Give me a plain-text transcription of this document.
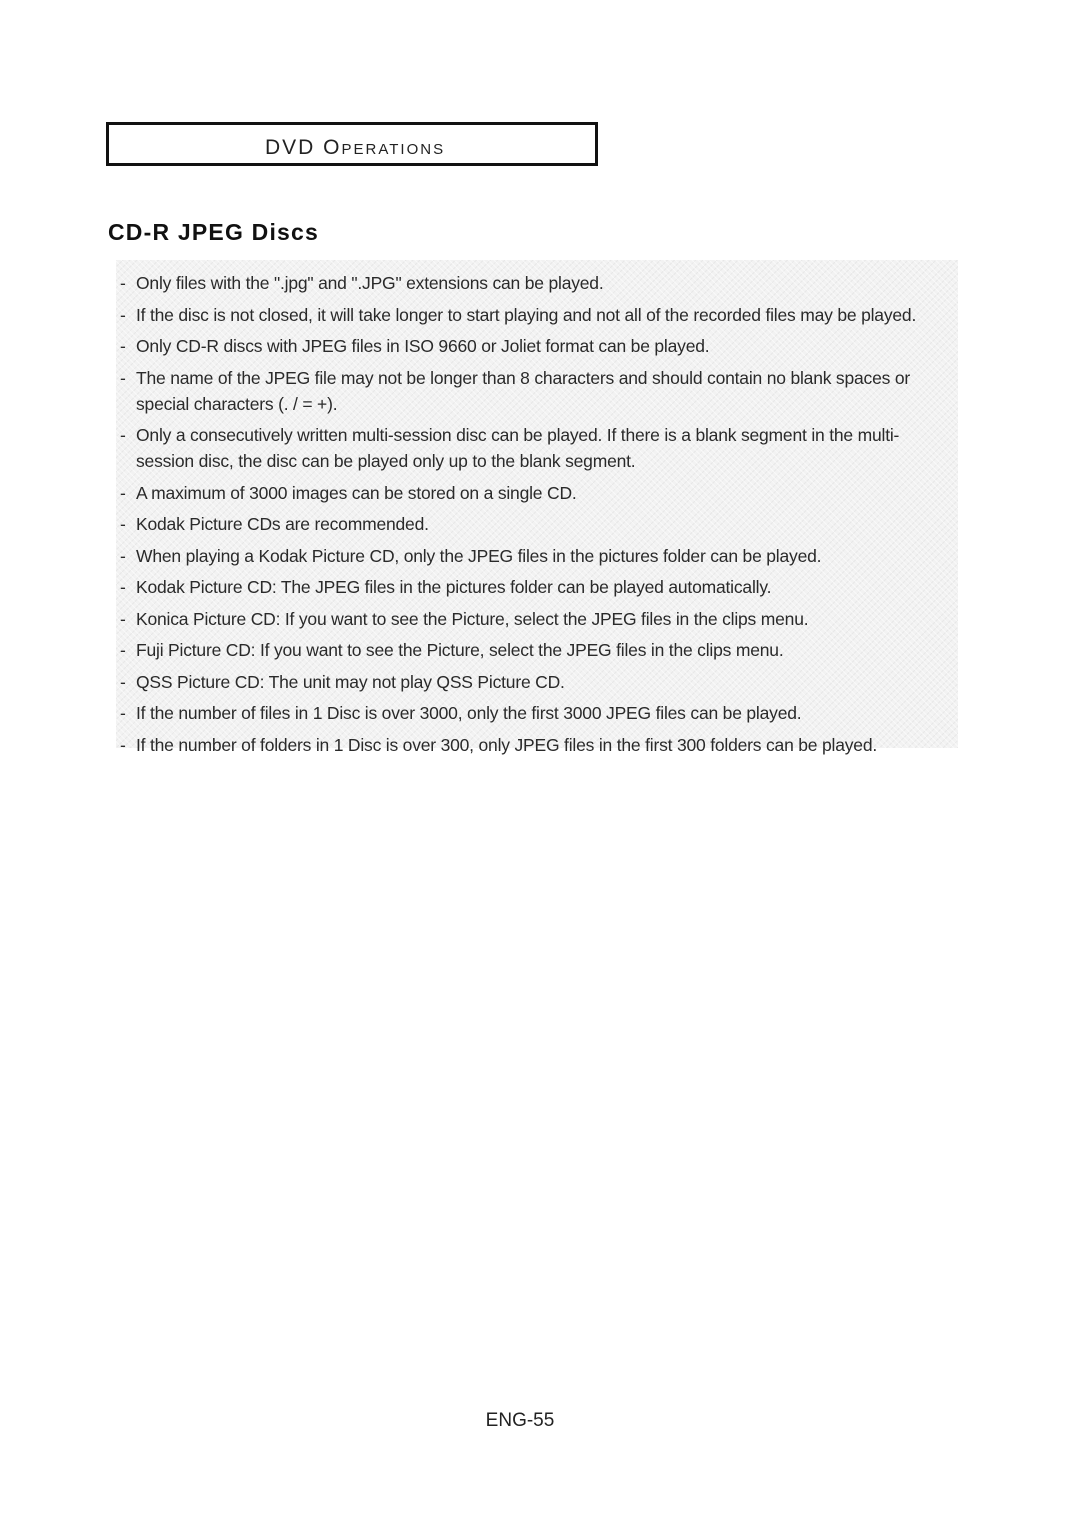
DVD Operations
CD-R JPEG Discs
- Only files with the ".jpg" and ".JPG" extensions can be played.
- If the disc is not closed, it will take longer to start playing and not all of the recorded files may be played.
- Only CD-R discs with JPEG files in ISO 9660 or Joliet format can be played.
- The name of the JPEG file may not be longer than 8 characters and should contain no blank spaces or special characters (. / = +).
- Only a consecutively written multi-session disc can be played. If there is a blank segment in the multi-session disc, the disc can be played only up to the blank segment.
- A maximum of 3000 images can be stored on a single CD.
- Kodak Picture CDs are recommended.
- When playing a Kodak Picture CD, only the JPEG files in the pictures folder can be played.
- Kodak Picture CD: The JPEG files in the pictures folder can be played automatically.
- Konica Picture CD: If you want to see the Picture, select the JPEG files in the clips menu.
- Fuji Picture CD: If you want to see the Picture, select the JPEG files in the clips menu.
- QSS Picture CD: The unit may not play QSS Picture CD.
- If the number of files in 1 Disc is over 3000, only the first 3000 JPEG files can be played.
- If the number of folders in 1 Disc is over 300, only JPEG files in the first 300 folders can be played.
ENG-55
